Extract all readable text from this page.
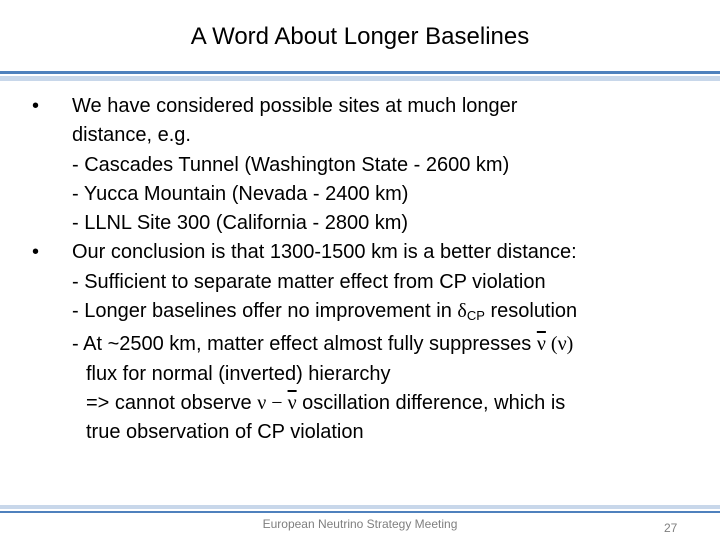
A Word About Longer Baselines
• We have considered possible sites at much longer
distance, e.g.
- Cascades Tunnel (Washington State - 2600 km)
- Yucca Mountain (Nevada - 2400 km)
- LLNL Site 300 (California - 2800 km)
• Our conclusion is that 1300-1500 km is a better distance:
- Sufficient to separate matter effect from CP violation
- Longer baselines offer no improvement in $\delta_{CP}$ resolution
- At ~2500 km, matter effect almost fully suppresses $\overline{\nu}$ (ν)
flux for normal (inverted) hierarchy
=> cannot observe $\nu - \overline{\nu}$ oscillation difference, which is
true observation of CP violation
European Neutrino Strategy Meeting	27
